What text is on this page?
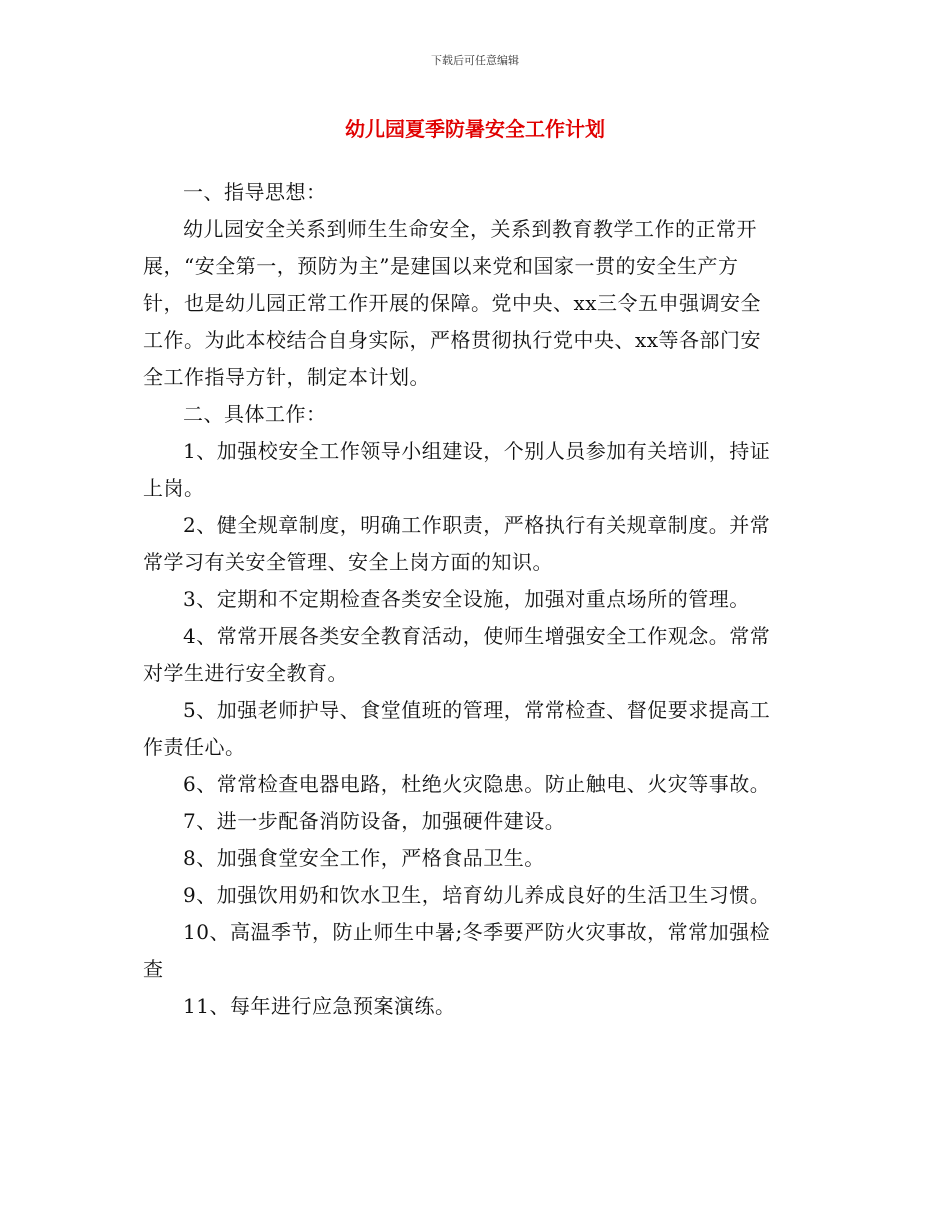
下载后可任意编辑
幼儿园夏季防暑安全工作计划

一、指导思想：

幼儿园安全关系到师生生命安全，关系到教育教学工作的正常开
展，“安全第一，预防为主”是建国以来党和国家一贯的安全生产方
针，也是幼儿园正常工作开展的保障。党中央、xx三令五申强调安全
工作。为此本校结合自身实际，严格贯彻执行党中央、xx等各部门安
全工作指导方针，制定本计划。

二、具体工作：

1、加强校安全工作领导小组建设，个别人员参加有关培训，持证
上岗。

2、健全规章制度，明确工作职责，严格执行有关规章制度。并常
常学习有关安全管理、安全上岗方面的知识。

3、定期和不定期检查各类安全设施，加强对重点场所的管理。

4、常常开展各类安全教育活动，使师生增强安全工作观念。常常
对学生进行安全教育。

5、加强老师护导、食堂值班的管理，常常检查、督促要求提高工
作责任心。

6、常常检查电器电路，杜绝火灾隐患。防止触电、火灾等事故。

7、进一步配备消防设备，加强硬件建设。

8、加强食堂安全工作，严格食品卫生。

9、加强饮用奶和饮水卫生，培育幼儿养成良好的生活卫生习惯。

10、高温季节，防止师生中暑;冬季要严防火灾事故，常常加强检
查

11、每年进行应急预案演练。
